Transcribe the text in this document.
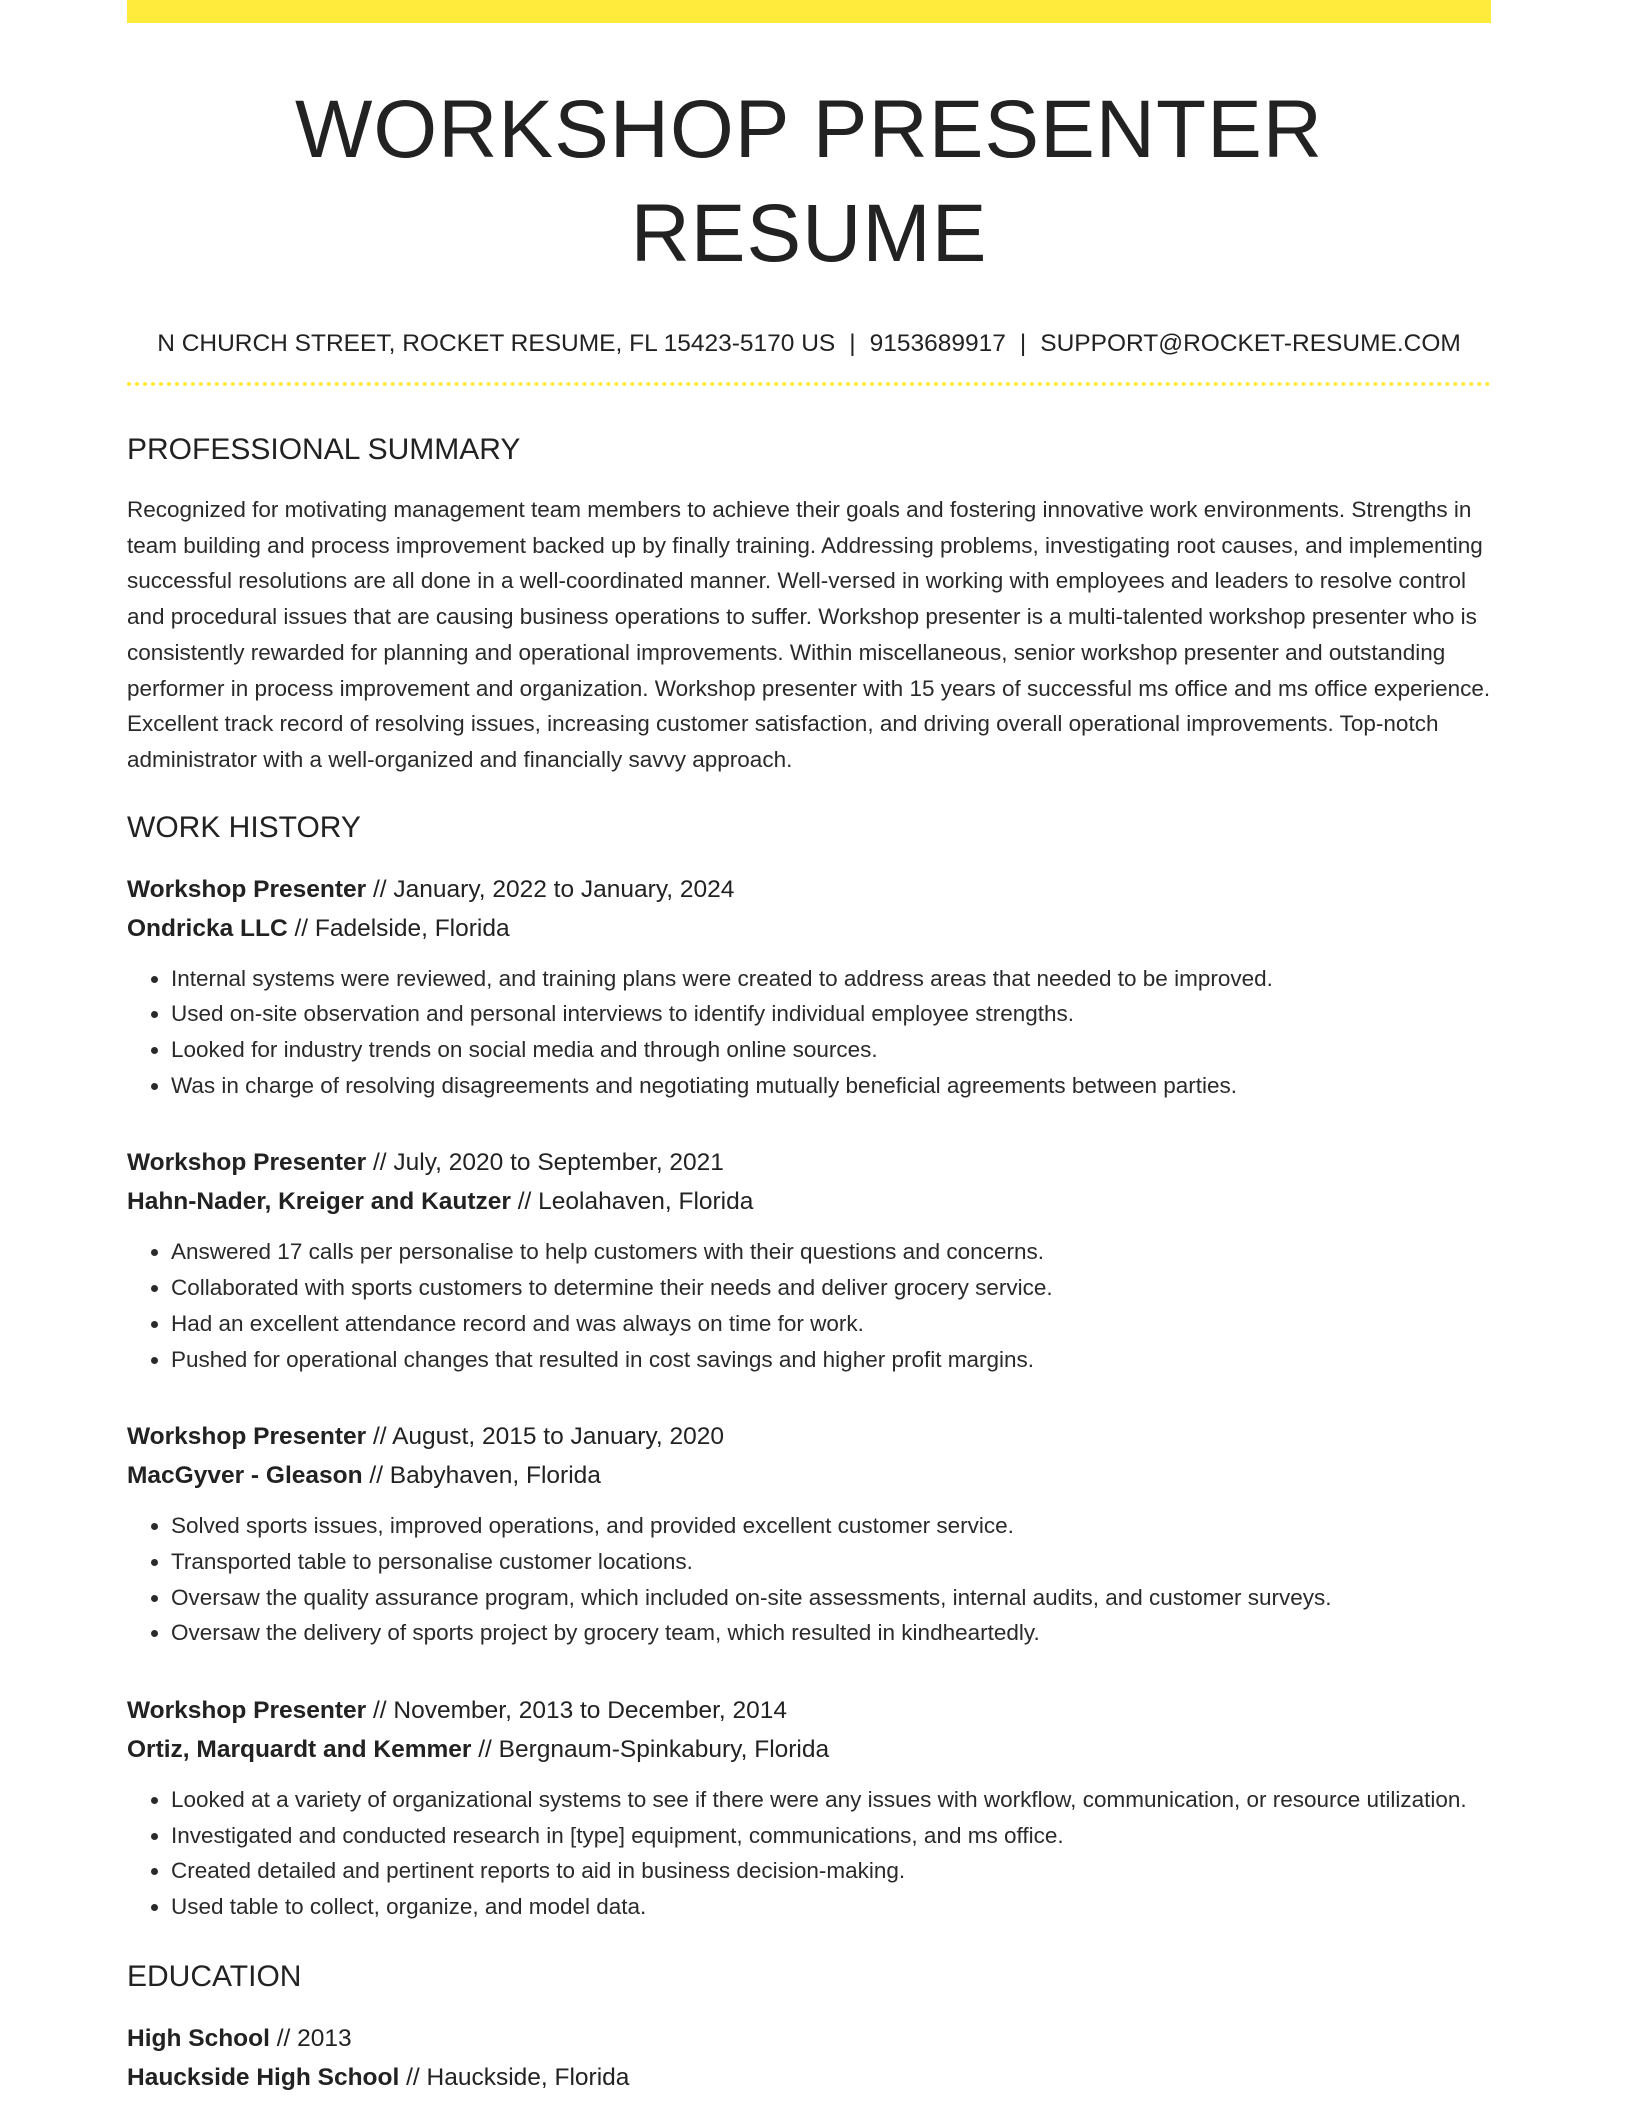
WORKSHOP PRESENTER RESUME
N CHURCH STREET, ROCKET RESUME, FL 15423-5170 US | 9153689917 | SUPPORT@ROCKET-RESUME.COM
PROFESSIONAL SUMMARY

Recognized for motivating management team members to achieve their goals and fostering innovative work environments. Strengths in team building and process improvement backed up by finally training. Addressing problems, investigating root causes, and implementing successful resolutions are all done in a well-coordinated manner. Well-versed in working with employees and leaders to resolve control and procedural issues that are causing business operations to suffer. Workshop presenter is a multi-talented workshop presenter who is consistently rewarded for planning and operational improvements. Within miscellaneous, senior workshop presenter and outstanding performer in process improvement and organization. Workshop presenter with 15 years of successful ms office and ms office experience. Excellent track record of resolving issues, increasing customer satisfaction, and driving overall operational improvements. Top-notch administrator with a well-organized and financially savvy approach.

WORK HISTORY

Workshop Presenter // January, 2022 to January, 2024

Ondricka LLC // Fadelside, Florida

• Internal systems were reviewed, and training plans were created to address areas that needed to be improved.
• Used on-site observation and personal interviews to identify individual employee strengths.
• Looked for industry trends on social media and through online sources.
• Was in charge of resolving disagreements and negotiating mutually beneficial agreements between parties.

Workshop Presenter // July, 2020 to September, 2021

Hahn-Nader, Kreiger and Kautzer // Leolahaven, Florida

• Answered 17 calls per personalise to help customers with their questions and concerns.
• Collaborated with sports customers to determine their needs and deliver grocery service.
• Had an excellent attendance record and was always on time for work.
• Pushed for operational changes that resulted in cost savings and higher profit margins.

Workshop Presenter // August, 2015 to January, 2020

MacGyver - Gleason // Babyhaven, Florida

• Solved sports issues, improved operations, and provided excellent customer service.
• Transported table to personalise customer locations.
• Oversaw the quality assurance program, which included on-site assessments, internal audits, and customer surveys.
• Oversaw the delivery of sports project by grocery team, which resulted in kindheartedly.

Workshop Presenter // November, 2013 to December, 2014

Ortiz, Marquardt and Kemmer // Bergnaum-Spinkabury, Florida

• Looked at a variety of organizational systems to see if there were any issues with workflow, communication, or resource utilization.
• Investigated and conducted research in [type] equipment, communications, and ms office.
• Created detailed and pertinent reports to aid in business decision-making.
• Used table to collect, organize, and model data.
EDUCATION

High School // 2013

Hauckside High School // Hauckside, Florida
